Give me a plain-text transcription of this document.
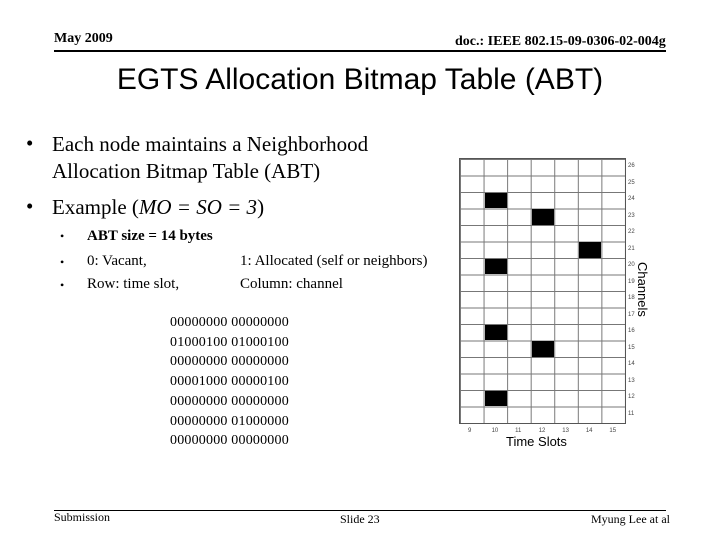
May 2009	doc.: IEEE 802.15-09-0306-02-004g
EGTS Allocation Bitmap Table (ABT)
• Each node maintains a Neighborhood
Allocation Bitmap Table (ABT)
• Example (MO = SO = 3)
• ABT size = 14 bytes
• 0: Vacant,	1: Allocated (self or neighbors)
• Row: time slot,	Column: channel
00000000 00000000
01000100 01000100
00000000 00000000
00001000 00000100
00000000 00000000
00000000 01000000
00000000 00000000
26
25
24
23
22
21
20
19
18
17
16
15
14
13
12
11
9	10	11	12	13	14	15
Channels
Time Slots
Submission	Slide 23	Myung Lee at al
